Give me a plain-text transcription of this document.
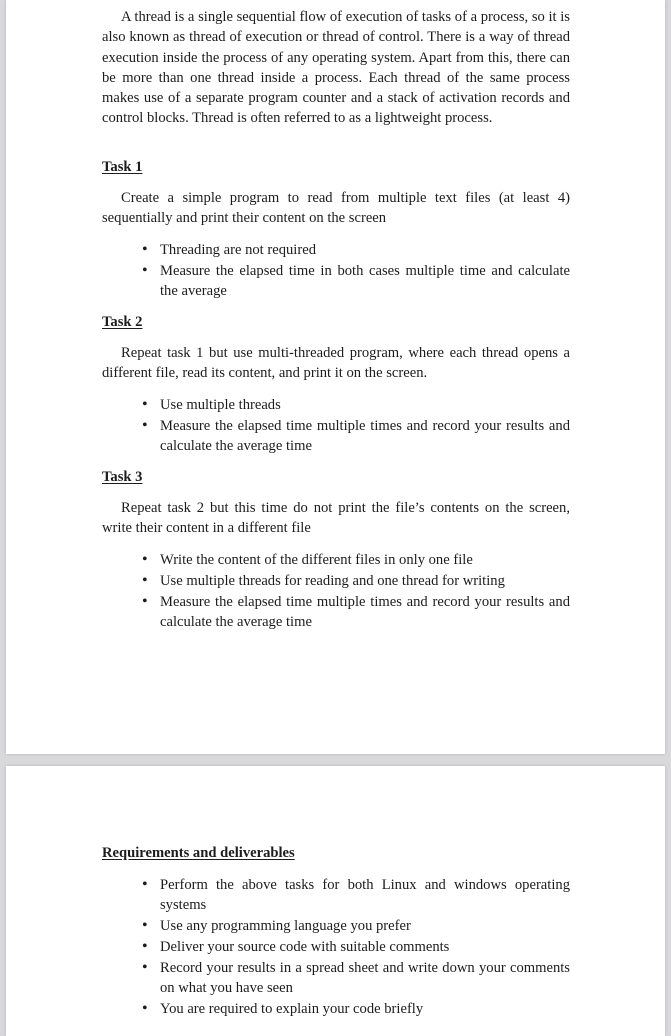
A thread is a single sequential flow of execution of tasks of a process, so it is also known as thread of execution or thread of control. There is a way of thread execution inside the process of any operating system. Apart from this, there can be more than one thread inside a process. Each thread of the same process makes use of a separate program counter and a stack of activation records and control blocks. Thread is often referred to as a lightweight process.

Task 1

Create a simple program to read from multiple text files (at least 4) sequentially and print their content on the screen

• Threading are not required
• Measure the elapsed time in both cases multiple time and calculate the average
Task 2

Repeat task 1 but use multi-threaded program, where each thread opens a different file, read its content, and print it on the screen.

• Use multiple threads
• Measure the elapsed time multiple times and record your results and calculate the average time
Task 3

Repeat task 2 but this time do not print the file’s contents on the screen, write their content in a different file

• Write the content of the different files in only one file
• Use multiple threads for reading and one thread for writing
• Measure the elapsed time multiple times and record your results and calculate the average time
Requirements and deliverables
• Perform the above tasks for both Linux and windows operating systems
• Use any programming language you prefer
• Deliver your source code with suitable comments
• Record your results in a spread sheet and write down your comments on what you have seen
• You are required to explain your code briefly
